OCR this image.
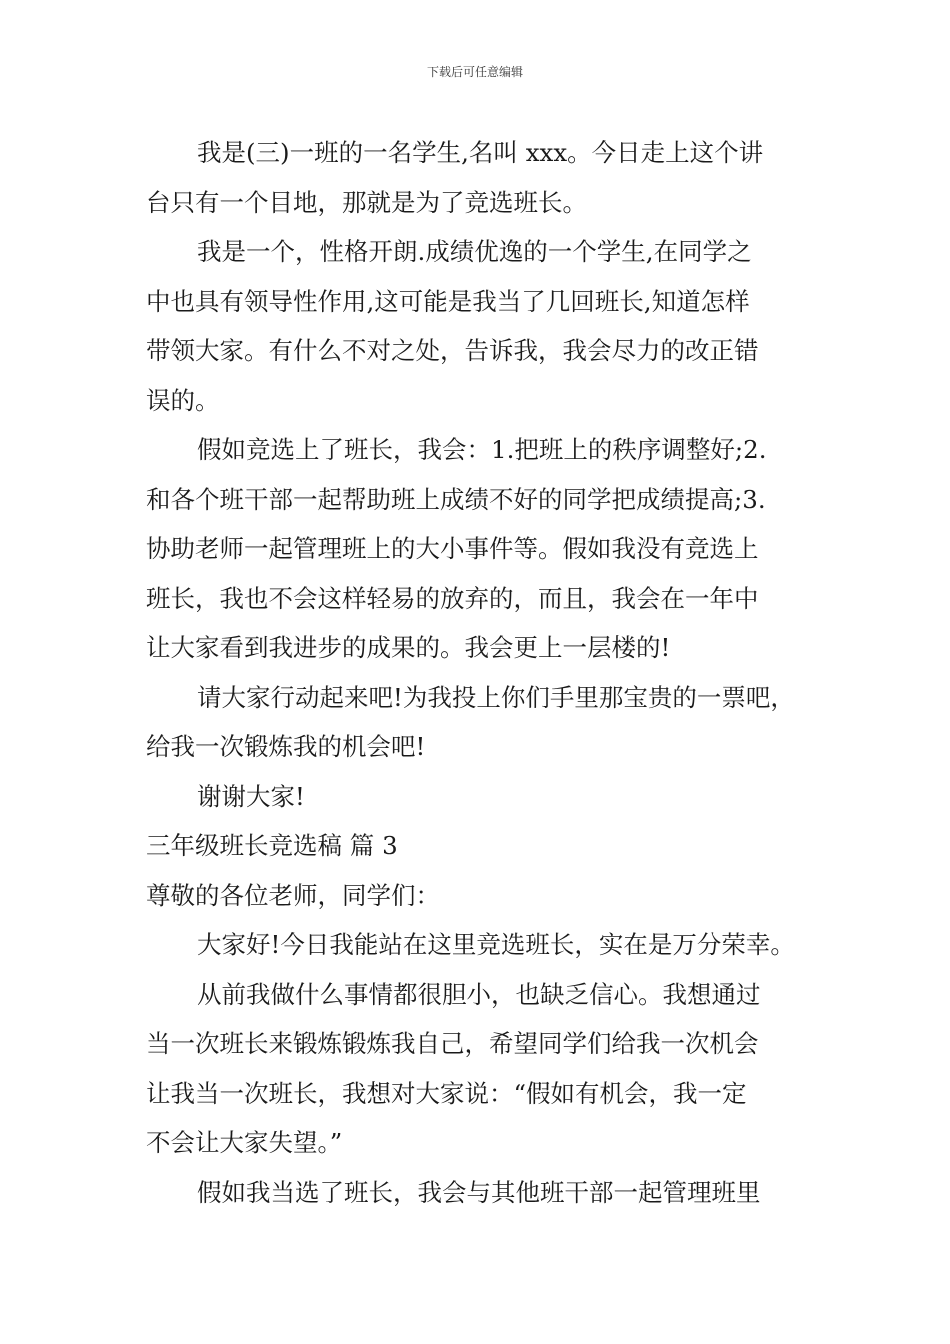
下载后可任意编辑
我是(三)一班的一名学生,名叫 xxx。今日走上这个讲
台只有一个目地，那就是为了竞选班长。
我是一个，性格开朗.成绩优逸的一个学生,在同学之
中也具有领导性作用,这可能是我当了几回班长,知道怎样
带领大家。有什么不对之处，告诉我，我会尽力的改正错
误的。
假如竞选上了班长，我会：1.把班上的秩序调整好;2.
和各个班干部一起帮助班上成绩不好的同学把成绩提高;3.
协助老师一起管理班上的大小事件等。假如我没有竞选上
班长，我也不会这样轻易的放弃的，而且，我会在一年中
让大家看到我进步的成果的。我会更上一层楼的!
请大家行动起来吧!为我投上你们手里那宝贵的一票吧，
给我一次锻炼我的机会吧!
谢谢大家!
三年级班长竞选稿 篇 3
尊敬的各位老师，同学们：
大家好!今日我能站在这里竞选班长，实在是万分荣幸。
从前我做什么事情都很胆小，也缺乏信心。我想通过
当一次班长来锻炼锻炼我自己，希望同学们给我一次机会
让我当一次班长，我想对大家说：“假如有机会，我一定
不会让大家失望。”
假如我当选了班长，我会与其他班干部一起管理班里
